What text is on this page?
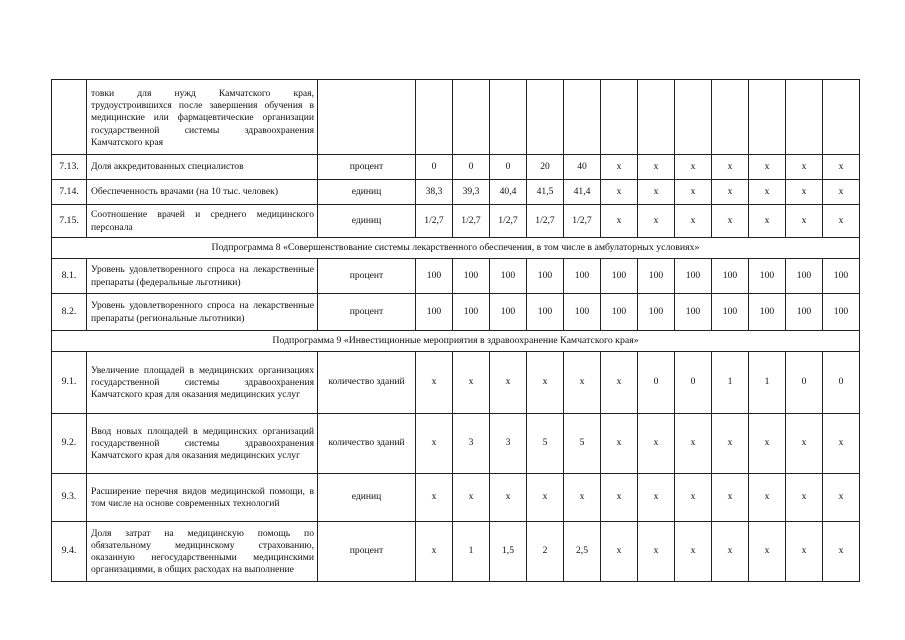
	товки для нужд Камчатского края, трудоустроившихся после завершения обучения в медицинские или фармацевтические организации государственной системы здравоохранения Камчатского края													
7.13.	Доля аккредитованных специалистов	процент	0	0	0	20	40	x	x	x	x	x	x	x
7.14.	Обеспеченность врачами (на 10 тыс. человек)	единиц	38,3	39,3	40,4	41,5	41,4	x	x	x	x	x	x	x
7.15.	Соотношение врачей и среднего медицинского персонала	единиц	1/2,7	1/2,7	1/2,7	1/2,7	1/2,7	x	x	x	x	x	x	x
Подпрограмма 8 «Совершенствование системы лекарственного обеспечения, в том числе в амбулаторных условиях»														
8.1.	Уровень удовлетворенного спроса на лекарственные препараты (федеральные льготники)	процент	100	100	100	100	100	100	100	100	100	100	100	100
8.2.	Уровень удовлетворенного спроса на лекарственные препараты (региональные льготники)	процент	100	100	100	100	100	100	100	100	100	100	100	100
Подпрограмма 9 «Инвестиционные мероприятия в здравоохранение Камчатского края»														
9.1.	Увеличение площадей в медицинских организациях государственной системы здравоохранения Камчатского края для оказания медицинских услуг	количество зданий	x	x	x	x	x	x	0	0	1	1	0	0
9.2.	Ввод новых площадей в медицинских организаций государственной системы здравоохранения Камчатского края для оказания медицинских услуг	количество зданий	x	3	3	5	5	x	x	x	x	x	x	x
9.3.	Расширение перечня видов медицинской помощи, в том числе на основе современных технологий	единиц	x	x	x	x	x	x	x	x	x	x	x	x
9.4.	Доля затрат на медицинскую помощь по обязательному медицинскому страхованию, оказанную негосударственными медицинскими организациями, в общих расходах на выполнение	процент	x	1	1,5	2	2,5	x	x	x	x	x	x	x
